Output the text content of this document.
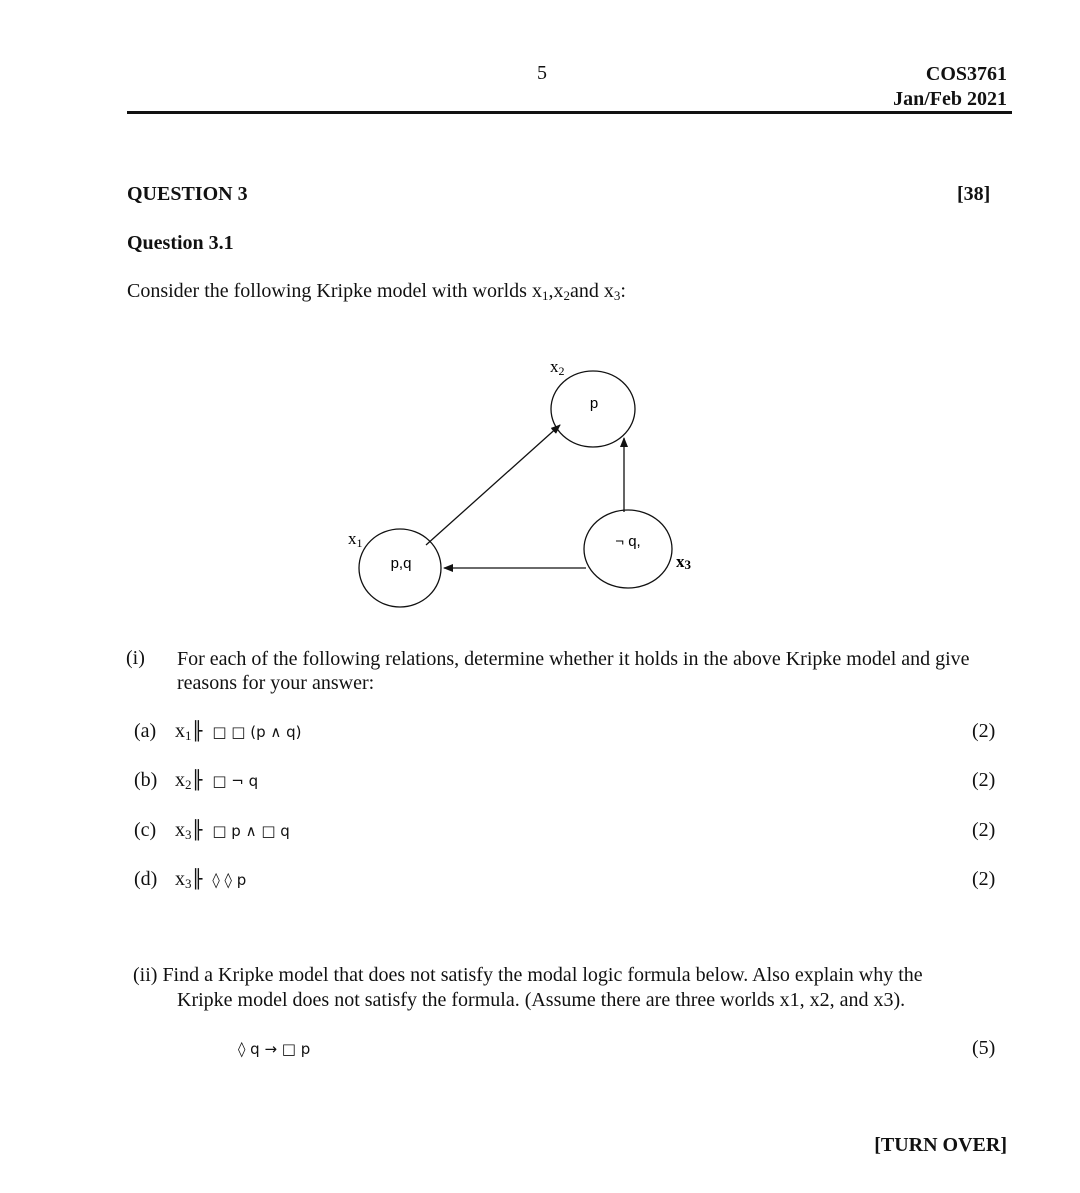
5	COS3761
Jan/Feb 2021
QUESTION 3	[38]
Question 3.1
Consider the following Kripke model with worlds $x_1,x_2and$ $x_3$:
p,q
p
¬ q,
x1
x2
x3
(i) For each of the following relations, determine whether it holds in the above Kripke model and give reasons for your answer:
(a) $x_1╟$ □ □ (p ∧ q)	(2)
(b) $x_2╟$ □ ¬ q	(2)
(c) $x_3╟$ □ p ∧ □ q	(2)
(d) $x_3╟$ ◊ ◊ p	(2)
(ii) Find a Kripke model that does not satisfy the modal logic formula below. Also explain why the
Kripke model does not satisfy the formula. (Assume there are three worlds x1, x2, and x3).
◊ q → □ p	(5)
[TURN OVER]
